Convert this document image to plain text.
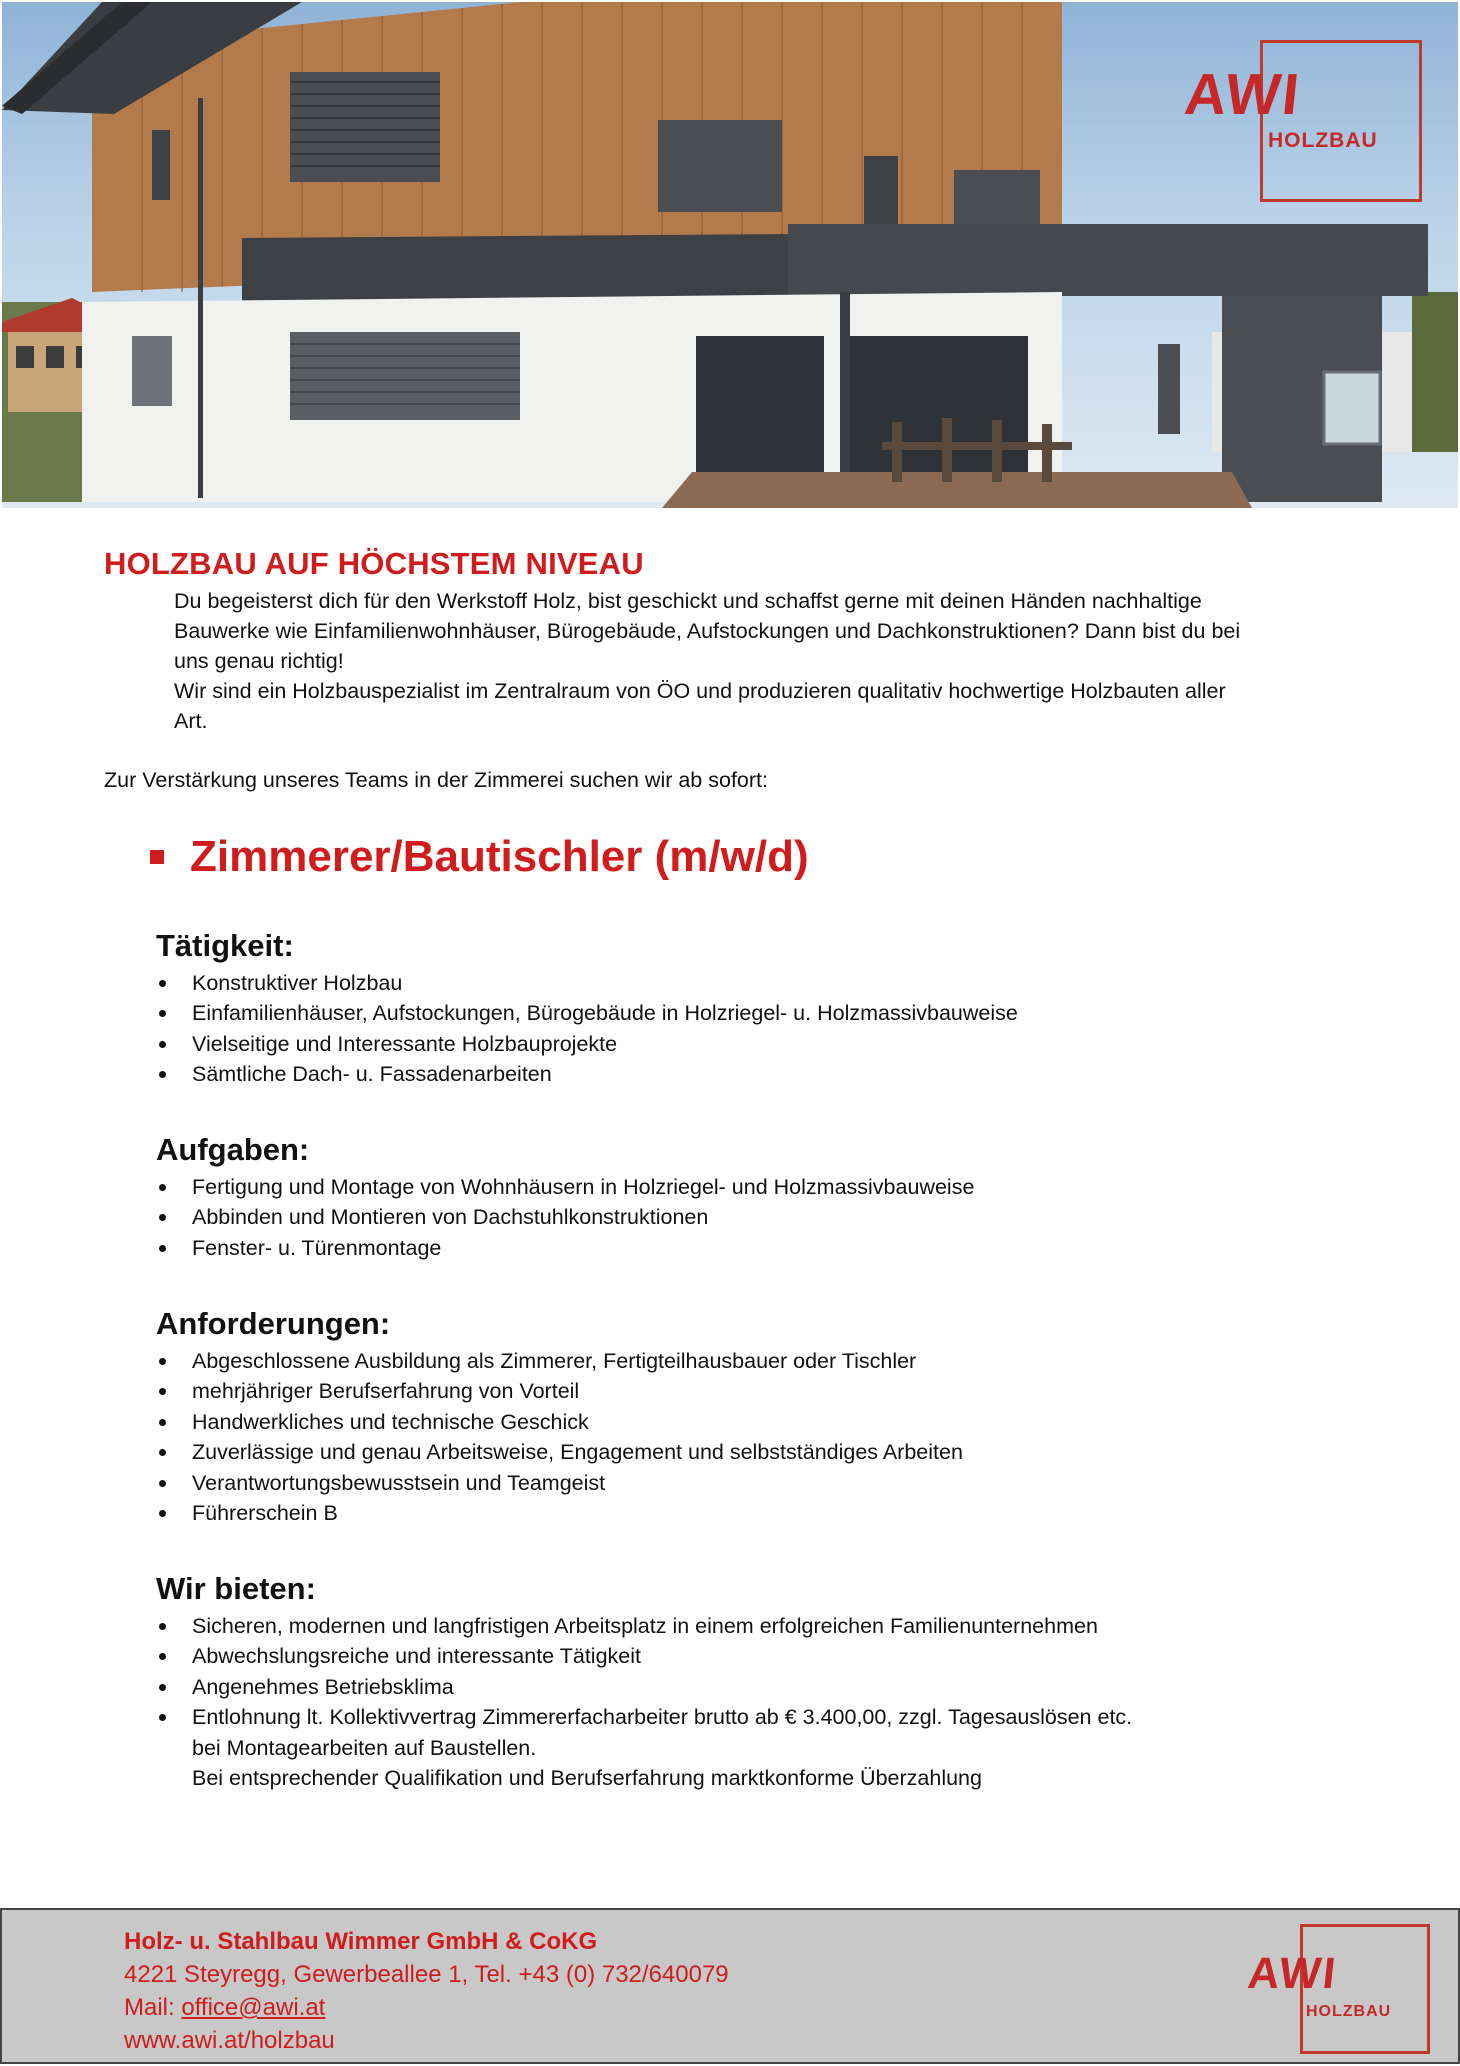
AWI
HOLZBAU
HOLZBAU AUF HÖCHSTEM NIVEAU

Du begeisterst dich für den Werkstoff Holz, bist geschickt und schaffst gerne mit deinen Händen nachhaltige Bauwerke wie Einfamilienwohnhäuser, Bürogebäude, Aufstockungen und Dachkonstruktionen? Dann bist du bei uns genau richtig!

Wir sind ein Holzbauspezialist im Zentralraum von ÖO und produzieren qualitativ hochwertige Holzbauten aller Art.

Zur Verstärkung unseres Teams in der Zimmerei suchen wir ab sofort:
Zimmerer/Bautischler (m/w/d)
Tätigkeit:
Konstruktiver Holzbau
Einfamilienhäuser, Aufstockungen, Bürogebäude in Holzriegel- u. Holzmassivbauweise
Vielseitige und Interessante Holzbauprojekte
Sämtliche Dach- u. Fassadenarbeiten
Aufgaben:
Fertigung und Montage von Wohnhäusern in Holzriegel- und Holzmassivbauweise
Abbinden und Montieren von Dachstuhlkonstruktionen
Fenster- u. Türenmontage
Anforderungen:
Abgeschlossene Ausbildung als Zimmerer, Fertigteilhausbauer oder Tischler
mehrjähriger Berufserfahrung von Vorteil
Handwerkliches und technische Geschick
Zuverlässige und genau Arbeitsweise, Engagement und selbstständiges Arbeiten
Verantwortungsbewusstsein und Teamgeist
Führerschein B
Wir bieten:
Sicheren, modernen und langfristigen Arbeitsplatz in einem erfolgreichen Familienunternehmen
Abwechslungsreiche und interessante Tätigkeit
Angenehmes Betriebsklima
Entlohnung lt. Kollektivvertrag Zimmererfacharbeiter brutto ab € 3.400,00, zzgl. Tagesauslösen etc.
bei Montagearbeiten auf Baustellen.
Bei entsprechender Qualifikation und Berufserfahrung marktkonforme Überzahlung
Holz- u. Stahlbau Wimmer GmbH & CoKG
4221 Steyregg, Gewerbeallee 1, Tel. +43 (0) 732/640079
Mail: office@awi.at
www.awi.at/holzbau
AWI
HOLZBAU
